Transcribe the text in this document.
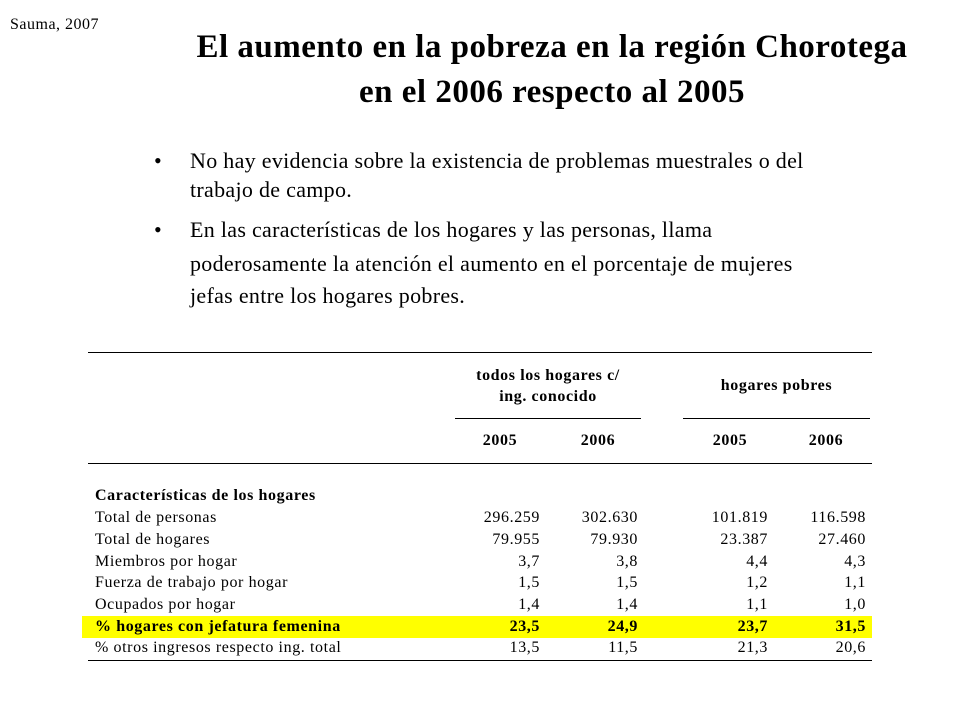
Sauma, 2007
El aumento en la pobreza en la región Chorotega
en el 2006 respecto al 2005
• No hay evidencia sobre la existencia de problemas muestrales o del
trabajo de campo.
• En las características de los hogares y las personas, llama
poderosamente la atención el aumento en el porcentaje de mujeres
jefas entre los hogares pobres.
todos los hogares c/
ing. conocido
hogares pobres
2005	2006	2005	2006
Características de los hogares
Total de personas	296.259	302.630	101.819	116.598
Total de hogares	79.955	79.930	23.387	27.460
Miembros por hogar	3,7	3,8	4,4	4,3
Fuerza de trabajo por hogar	1,5	1,5	1,2	1,1
Ocupados por hogar	1,4	1,4	1,1	1,0
% hogares con jefatura femenina	23,5	24,9	23,7	31,5
% otros ingresos respecto ing. total	13,5	11,5	21,3	20,6
